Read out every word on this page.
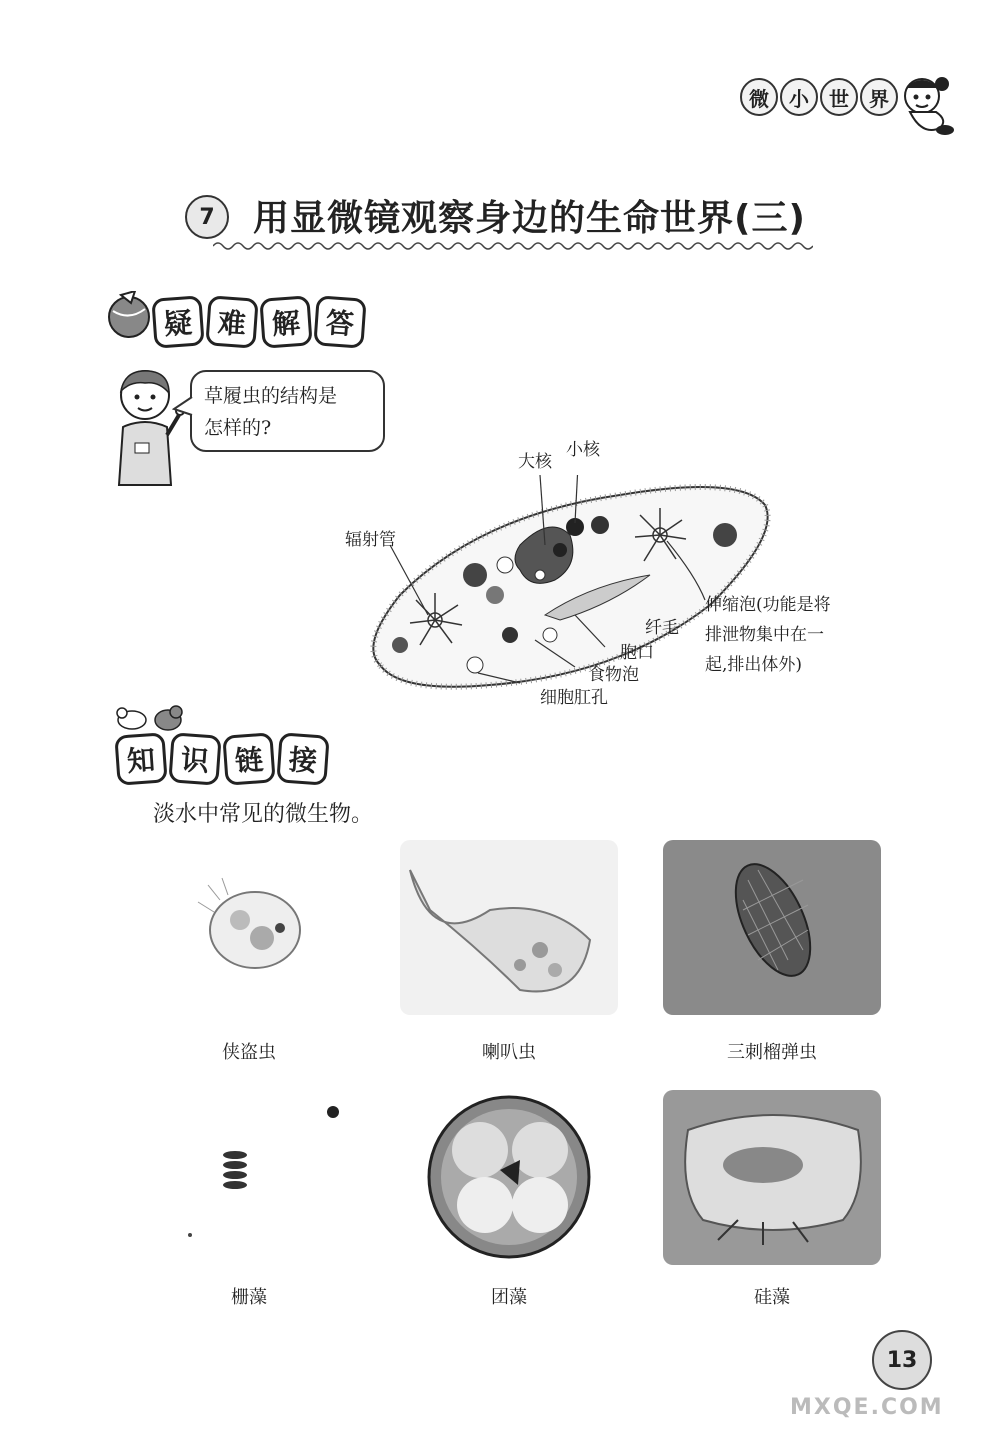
微	小	世	界
7	用显微镜观察身边的生命世界(三)
疑 难 解 答
草履虫的结构是
怎样的?
大核
小核
辐射管
伸缩泡(功能是将
排泄物集中在一
起,排出体外)
纤毛
胞口
食物泡
细胞肛孔
知 识 链 接
淡水中常见的微生物。
侠盗虫	喇叭虫	三刺榴弹虫
栅藻	团藻	硅藻
13
MXQE.COM
